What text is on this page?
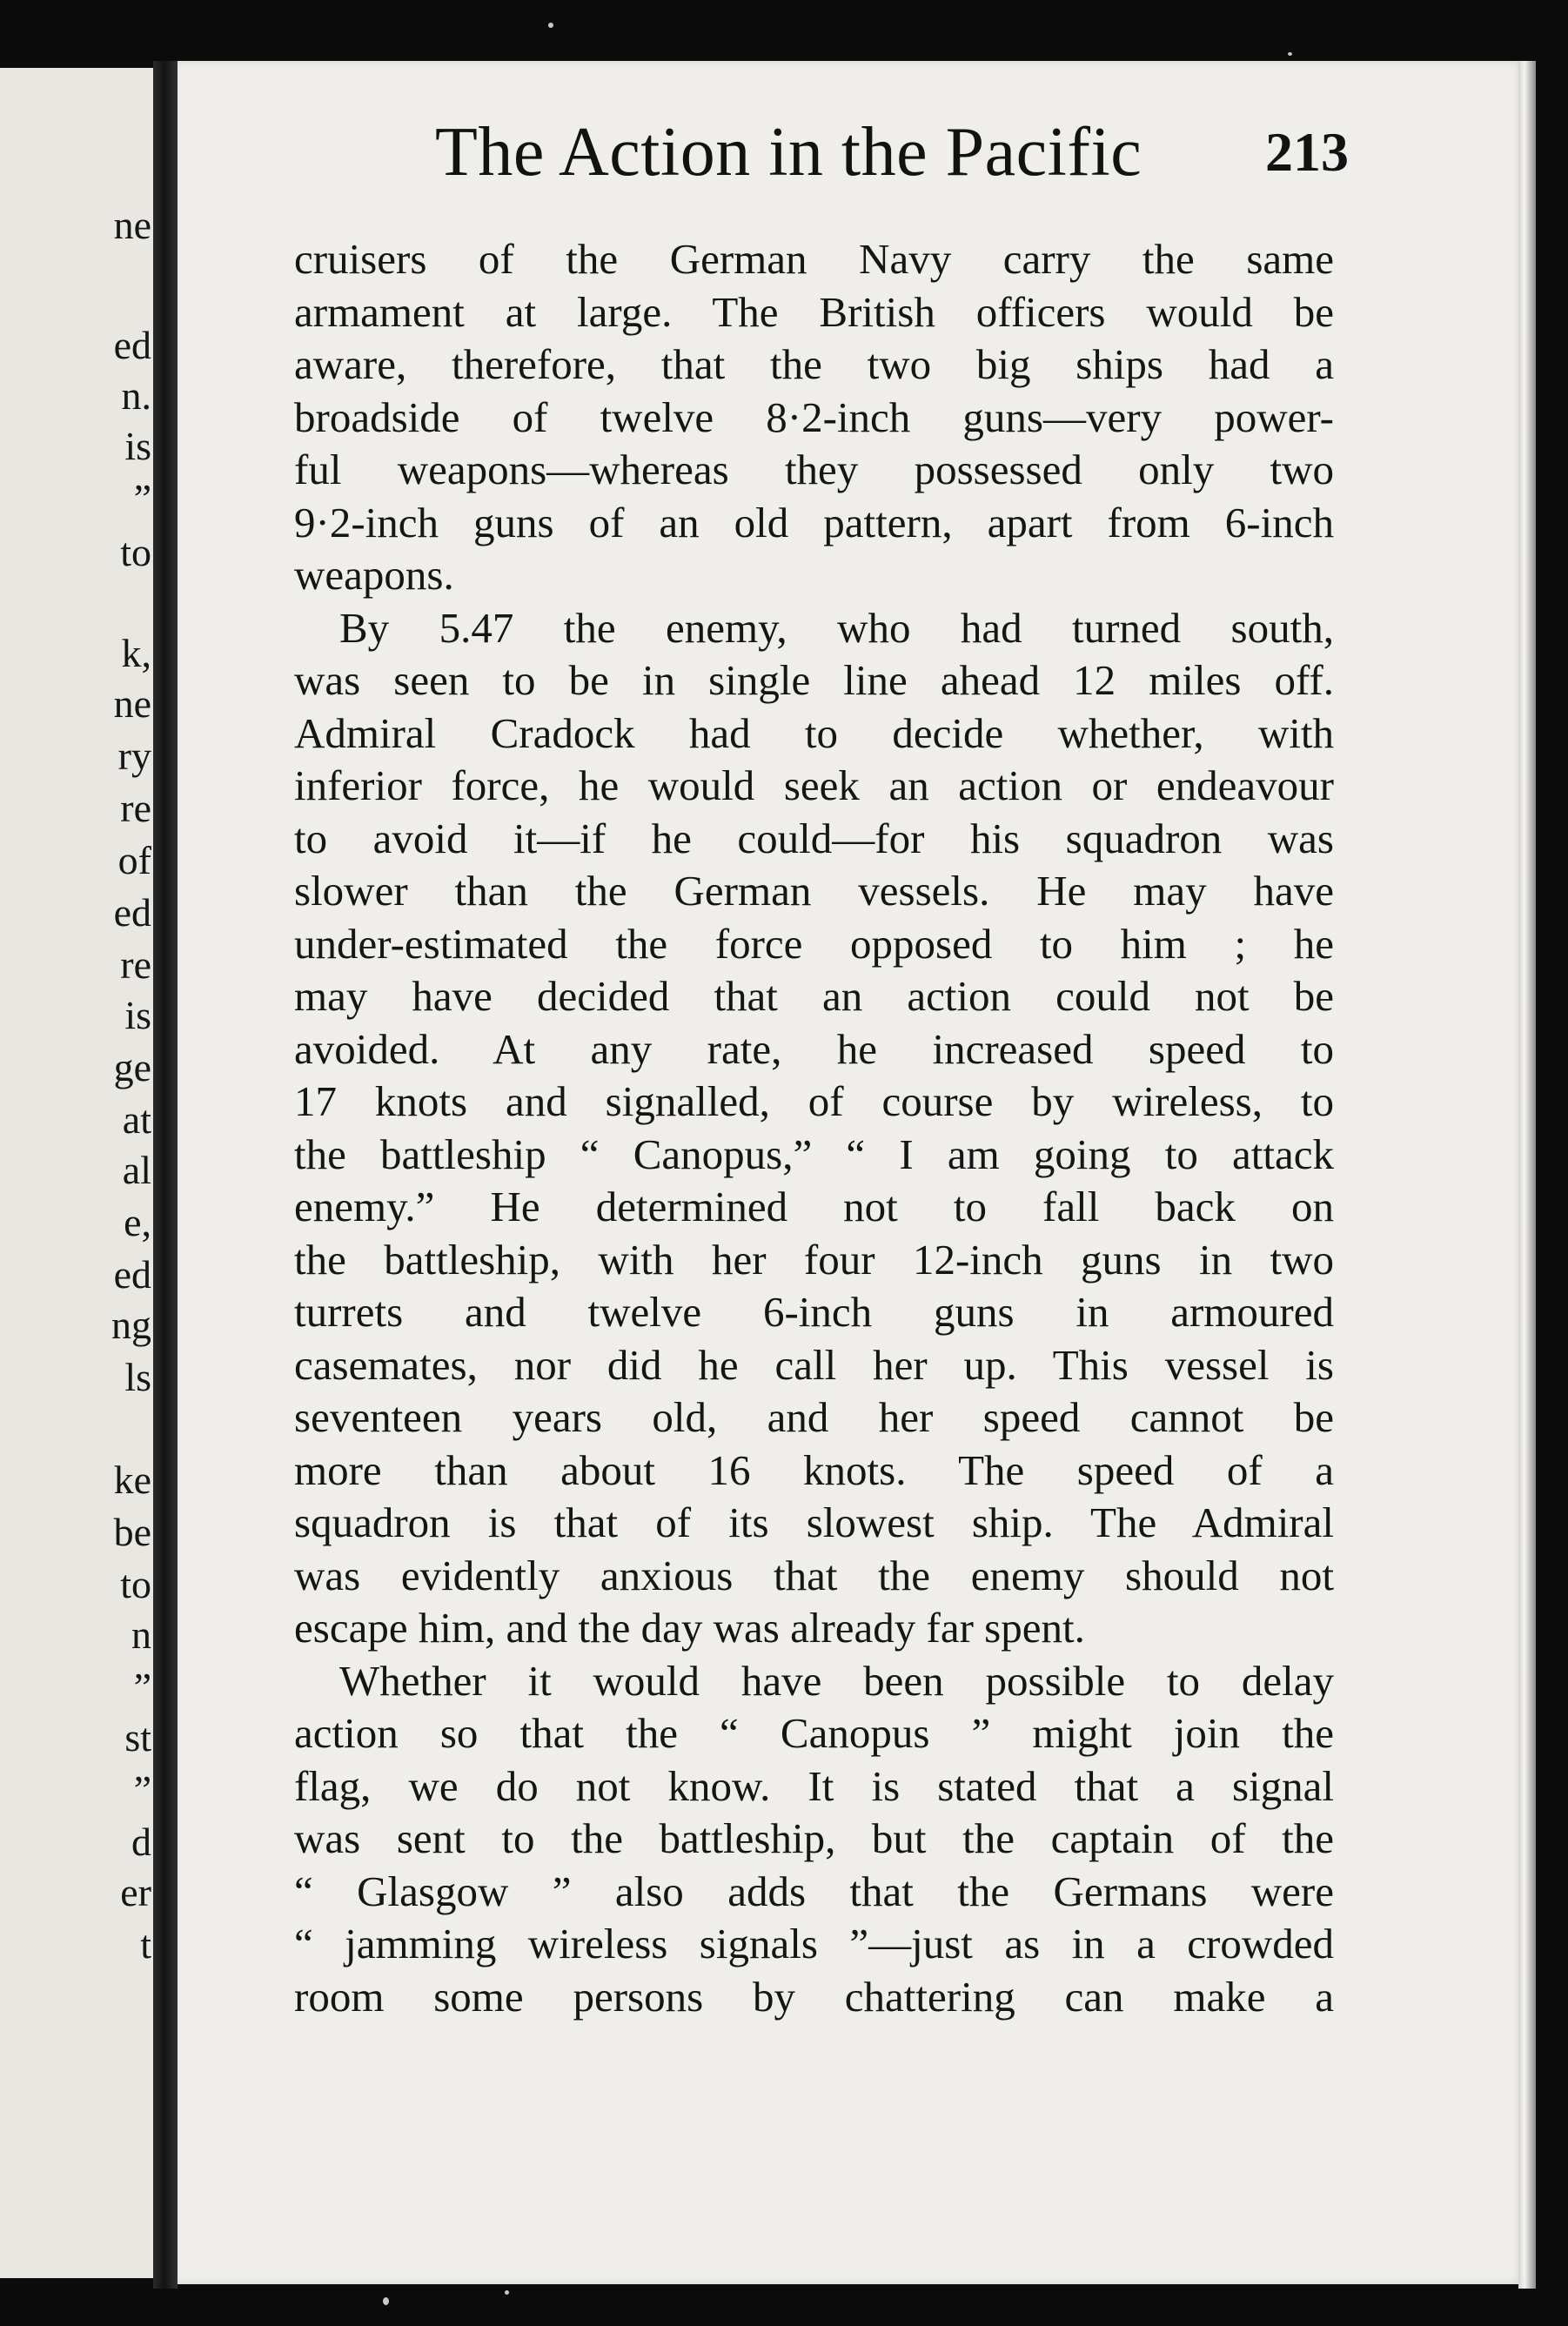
ne
ed
n.
is
”
to
k,
ne
ry
re
of
ed
re
is
ge
at
al
e,
ed
ng
ls
ke
be
to
n
”
st
”
d
er
t
The Action in the Pacific 213
cruisers of the German Navy carry the same
armament at large. The British officers would be
aware, therefore, that the two big ships had a
broadside of twelve 8·2-inch guns—very power-
ful weapons—whereas they possessed only two
9·2-inch guns of an old pattern, apart from 6-inch
weapons.
By 5.47 the enemy, who had turned south,
was seen to be in single line ahead 12 miles off.
Admiral Cradock had to decide whether, with
inferior force, he would seek an action or endeavour
to avoid it—if he could—for his squadron was
slower than the German vessels. He may have
under-estimated the force opposed to him ; he
may have decided that an action could not be
avoided. At any rate, he increased speed to
17 knots and signalled, of course by wireless, to
the battleship “ Canopus,” “ I am going to attack
enemy.” He determined not to fall back on
the battleship, with her four 12-inch guns in two
turrets and twelve 6-inch guns in armoured
casemates, nor did he call her up. This vessel is
seventeen years old, and her speed cannot be
more than about 16 knots. The speed of a
squadron is that of its slowest ship. The Admiral
was evidently anxious that the enemy should not
escape him, and the day was already far spent.
Whether it would have been possible to delay
action so that the “ Canopus ” might join the
flag, we do not know. It is stated that a signal
was sent to the battleship, but the captain of the
“ Glasgow ” also adds that the Germans were
“ jamming wireless signals ”—just as in a crowded
room some persons by chattering can make a
